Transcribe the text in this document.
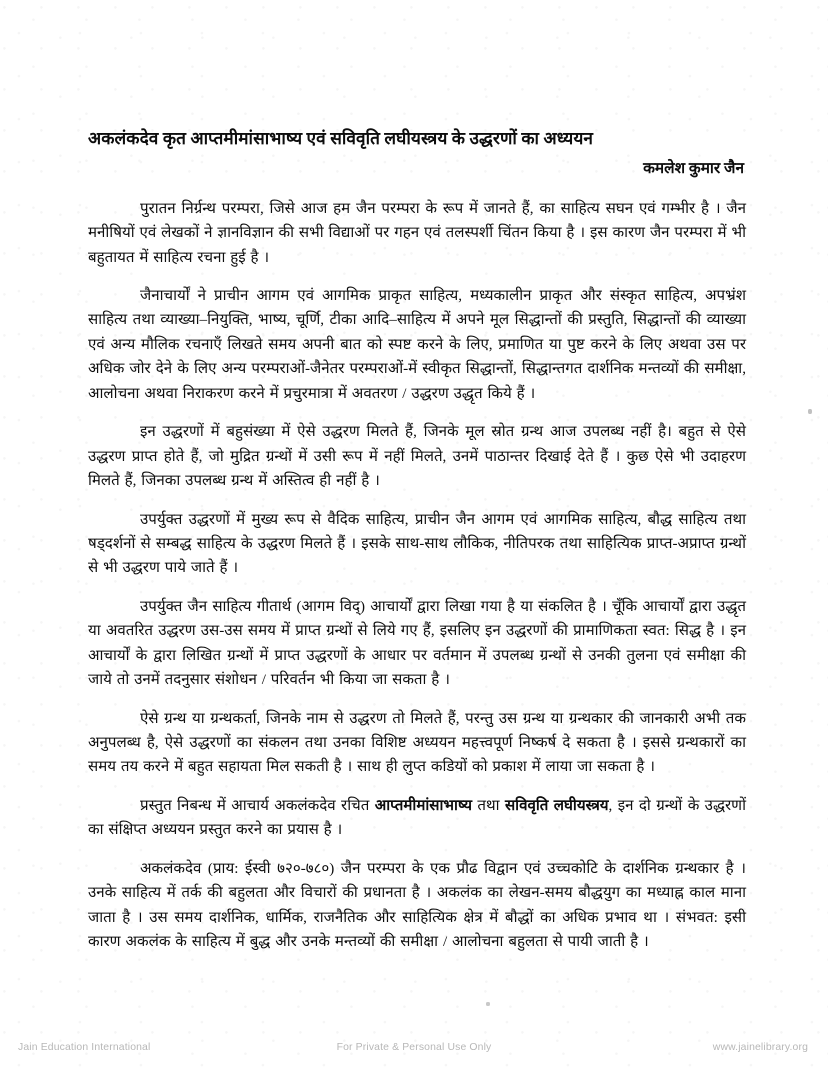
अकलंकदेव कृत आप्तमीमांसाभाष्य एवं सविवृति लघीयस्त्रय के उद्धरणों का अध्ययन
कमलेश कुमार जैन

पुरातन निर्ग्रन्थ परम्परा, जिसे आज हम जैन परम्परा के रूप में जानते हैं, का साहित्य सघन एवं गम्भीर है । जैन मनीषियों एवं लेखकों ने ज्ञानविज्ञान की सभी विद्याओं पर गहन एवं तलस्पर्शी चिंतन किया है । इस कारण जैन परम्परा में भी बहुतायत में साहित्य रचना हुई है ।

जैनाचार्यों ने प्राचीन आगम एवं आगमिक प्राकृत साहित्य, मध्यकालीन प्राकृत और संस्कृत साहित्य, अपभ्रंश साहित्य तथा व्याख्या–नियुक्ति, भाष्य, चूर्णि, टीका आदि–साहित्य में अपने मूल सिद्धान्तों की प्रस्तुति, सिद्धान्तों की व्याख्या एवं अन्य मौलिक रचनाएँ लिखते समय अपनी बात को स्पष्ट करने के लिए, प्रमाणित या पुष्ट करने के लिए अथवा उस पर अधिक जोर देने के लिए अन्य परम्पराओं-जैनेतर परम्पराओं-में स्वीकृत सिद्धान्तों, सिद्धान्तगत दार्शनिक मन्तव्यों की समीक्षा, आलोचना अथवा निराकरण करने में प्रचुरमात्रा में अवतरण / उद्धरण उद्धृत किये हैं ।

इन उद्धरणों में बहुसंख्या में ऐसे उद्धरण मिलते हैं, जिनके मूल स्रोत ग्रन्थ आज उपलब्ध नहीं है। बहुत से ऐसे उद्धरण प्राप्त होते हैं, जो मुद्रित ग्रन्थों में उसी रूप में नहीं मिलते, उनमें पाठान्तर दिखाई देते हैं । कुछ ऐसे भी उदाहरण मिलते हैं, जिनका उपलब्ध ग्रन्थ में अस्तित्व ही नहीं है ।

उपर्युक्त उद्धरणों में मुख्य रूप से वैदिक साहित्य, प्राचीन जैन आगम एवं आगमिक साहित्य, बौद्ध साहित्य तथा षड्दर्शनों से सम्बद्ध साहित्य के उद्धरण मिलते हैं । इसके साथ-साथ लौकिक, नीतिपरक तथा साहित्यिक प्राप्त-अप्राप्त ग्रन्थों से भी उद्धरण पाये जाते हैं ।

उपर्युक्त जैन साहित्य गीतार्थ (आगम विद्) आचार्यों द्वारा लिखा गया है या संकलित है । चूँकि आचार्यों द्वारा उद्धृत या अवतरित उद्धरण उस-उस समय में प्राप्त ग्रन्थों से लिये गए हैं, इसलिए इन उद्धरणों की प्रामाणिकता स्वत: सिद्ध है । इन आचार्यों के द्वारा लिखित ग्रन्थों में प्राप्त उद्धरणों के आधार पर वर्तमान में उपलब्ध ग्रन्थों से उनकी तुलना एवं समीक्षा की जाये तो उनमें तदनुसार संशोधन / परिवर्तन भी किया जा सकता है ।

ऐसे ग्रन्थ या ग्रन्थकर्ता, जिनके नाम से उद्धरण तो मिलते हैं, परन्तु उस ग्रन्थ या ग्रन्थकार की जानकारी अभी तक अनुपलब्ध है, ऐसे उद्धरणों का संकलन तथा उनका विशिष्ट अध्ययन महत्त्वपूर्ण निष्कर्ष दे सकता है । इससे ग्रन्थकारों का समय तय करने में बहुत सहायता मिल सकती है । साथ ही लुप्त कडियों को प्रकाश में लाया जा सकता है ।

प्रस्तुत निबन्ध में आचार्य अकलंकदेव रचित आप्तमीमांसाभाष्य तथा सविवृति लघीयस्त्रय, इन दो ग्रन्थों के उद्धरणों का संक्षिप्त अध्ययन प्रस्तुत करने का प्रयास है ।

अकलंकदेव (प्राय: ईस्वी ७२०-७८०) जैन परम्परा के एक प्रौढ विद्वान एवं उच्चकोटि के दार्शनिक ग्रन्थकार है । उनके साहित्य में तर्क की बहुलता और विचारों की प्रधानता है । अकलंक का लेखन-समय बौद्धयुग का मध्याह्न काल माना जाता है । उस समय दार्शनिक, धार्मिक, राजनैतिक और साहित्यिक क्षेत्र में बौद्धों का अधिक प्रभाव था । संभवत: इसी कारण अकलंक के साहित्य में बुद्ध और उनके मन्तव्यों की समीक्षा / आलोचना बहुलता से पायी जाती है ।

Jain Education International	For Private & Personal Use Only	www.jainelibrary.org
